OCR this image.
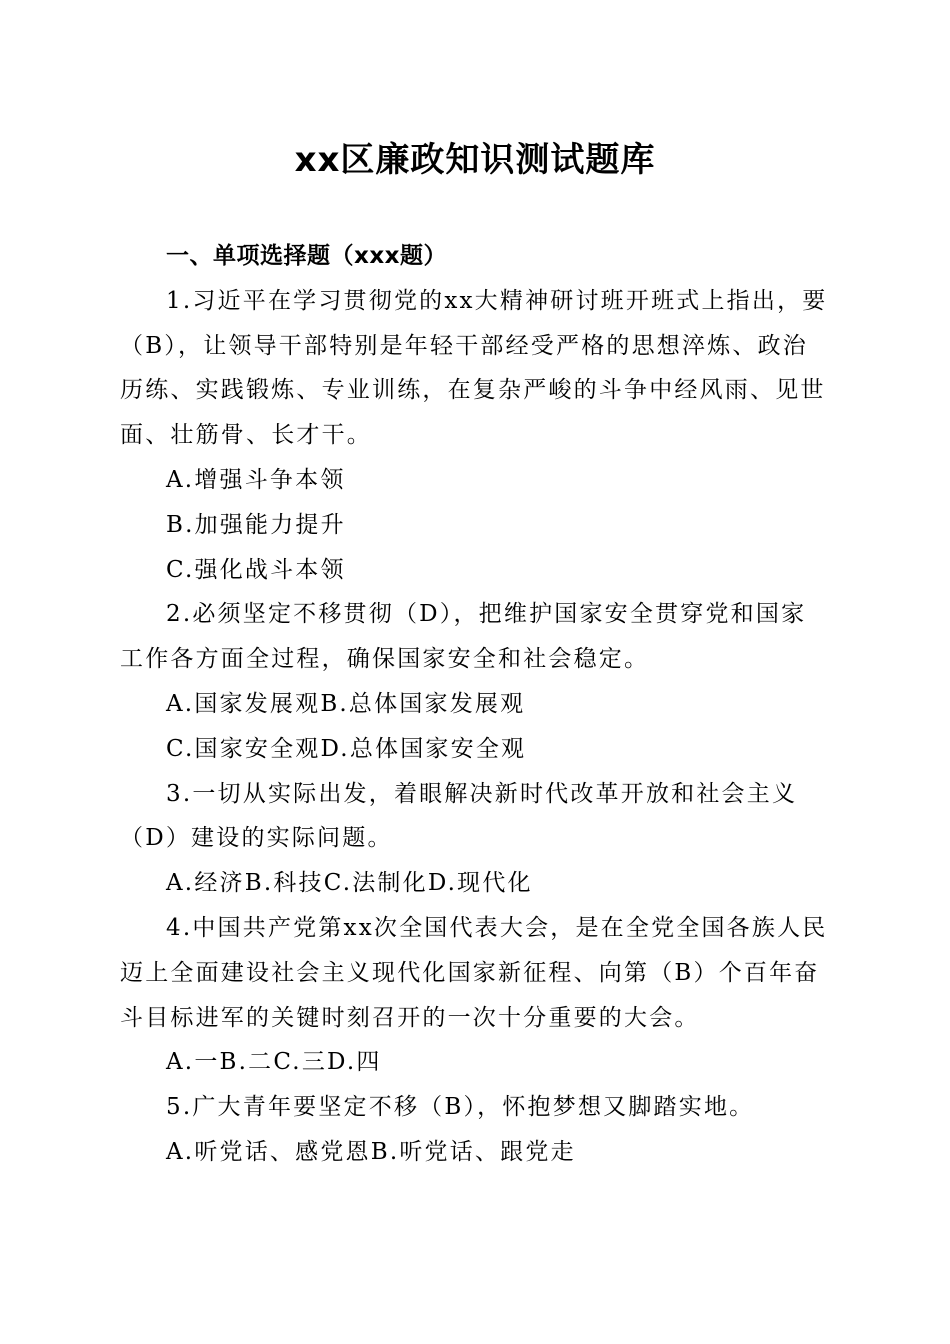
xx区廉政知识测试题库

一、单项选择题（xxx题）

1.习近平在学习贯彻党的xx大精神研讨班开班式上指出，要（B），让领导干部特别是年轻干部经受严格的思想淬炼、政治历练、实践锻炼、专业训练，在复杂严峻的斗争中经风雨、见世面、壮筋骨、长才干。

A.增强斗争本领

B.加强能力提升

C.强化战斗本领

2.必须坚定不移贯彻（D），把维护国家安全贯穿党和国家工作各方面全过程，确保国家安全和社会稳定。

A.国家发展观B.总体国家发展观

C.国家安全观D.总体国家安全观

3.一切从实际出发，着眼解决新时代改革开放和社会主义（D）建设的实际问题。

A.经济B.科技C.法制化D.现代化

4.中国共产党第xx次全国代表大会，是在全党全国各族人民迈上全面建设社会主义现代化国家新征程、向第（B）个百年奋斗目标进军的关键时刻召开的一次十分重要的大会。

A.一B.二C.三D.四

5.广大青年要坚定不移（B），怀抱梦想又脚踏实地。

A.听党话、感党恩B.听党话、跟党走
